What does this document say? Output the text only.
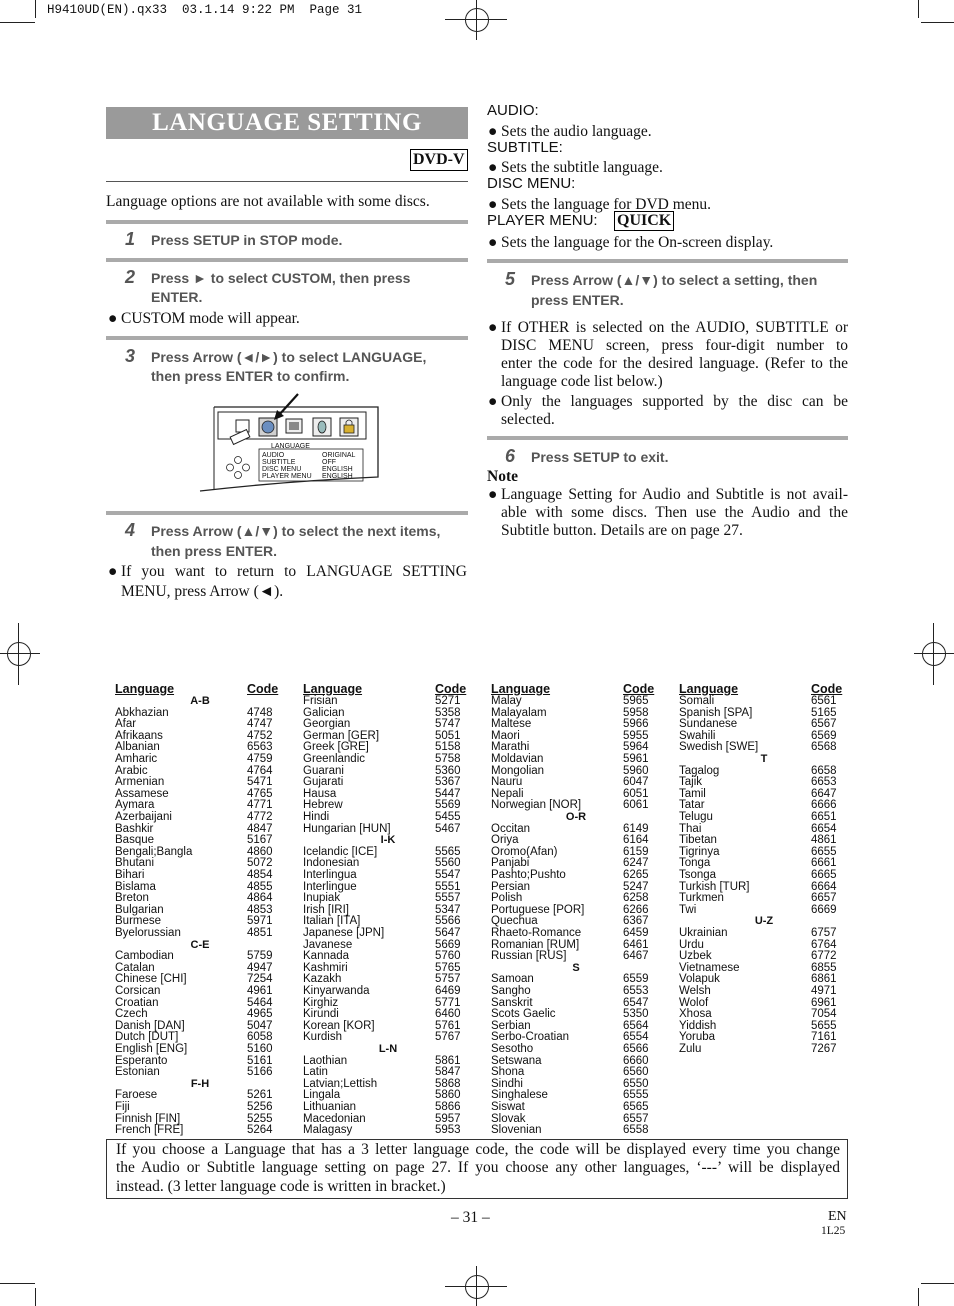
H9410UD(EN).qx33  03.1.14 9:22 PM  Page 31
LANGUAGE SETTING
DVD-V
Language options are not available with some discs.
1 Press SETUP in STOP mode.
2 Press ► to select CUSTOM, then press
ENTER.
● CUSTOM mode will appear.
3 Press Arrow (◄/►) to select LANGUAGE,
then press ENTER to confirm.
LANGUAGE
AUDIO	ORIGINAL
SUBTITLE	OFF
DISC MENU	ENGLISH
PLAYER MENU ENGLISH
4 Press Arrow (▲/▼) to select the next items,
then press ENTER.
● If you want to return to LANGUAGE SETTING
MENU, press Arrow (◄).
AUDIO:
● Sets the audio language.
SUBTITLE:
● Sets the subtitle language.
DISC MENU:
● Sets the language for DVD menu.
PLAYER MENU: QUICK
● Sets the language for the On-screen display.
5 Press Arrow (▲/▼) to select a setting, then
press ENTER.
● If OTHER is selected on the AUDIO, SUBTITLE or
DISC MENU screen, press four-digit number to
enter the code for the desired language. (Refer to the
language code list below.)
● Only the languages supported by the disc can be
selected.
6 Press SETUP to exit.
Note
● Language Setting for Audio and Subtitle is not avail-
able with some discs. Then use the Audio and the
Subtitle button. Details are on page 27.
Language	Code
A-B
Abkhazian	4748
Afar	4747
Afrikaans	4752
Albanian	6563
Amharic	4759
Arabic	4764
Armenian	5471
Assamese	4765
Aymara	4771
Azerbaijani	4772
Bashkir	4847
Basque	5167
Bengali;Bangla	4860
Bhutani	5072
Bihari	4854
Bislama	4855
Breton	4864
Bulgarian	4853
Burmese	5971
Byelorussian	4851
C-E
Cambodian	5759
Catalan	4947
Chinese [CHI]	7254
Corsican	4961
Croatian	5464
Czech	4965
Danish [DAN]	5047
Dutch [DUT]	6058
English [ENG]	5160
Esperanto	5161
Estonian	5166
F-H
Faroese	5261
Fiji	5256
Finnish [FIN]	5255
French [FRE]	5264
Language	Code
Frisian	5271
Galician	5358
Georgian	5747
German [GER]	5051
Greek [GRE]	5158
Greenlandic	5758
Guarani	5360
Gujarati	5367
Hausa	5447
Hebrew	5569
Hindi	5455
Hungarian [HUN]	5467
I-K
Icelandic [ICE]	5565
Indonesian	5560
Interlingua	5547
Interlingue	5551
Inupiak	5557
Irish [IRI]	5347
Italian [ITA]	5566
Japanese [JPN]	5647
Javanese	5669
Kannada	5760
Kashmiri	5765
Kazakh	5757
Kinyarwanda	6469
Kirghiz	5771
Kirundi	6460
Korean [KOR]	5761
Kurdish	5767
L-N
Laothian	5861
Latin	5847
Latvian;Lettish	5868
Lingala	5860
Lithuanian	5866
Macedonian	5957
Malagasy	5953
Language	Code
Malay	5965
Malayalam	5958
Maltese	5966
Maori	5955
Marathi	5964
Moldavian	5961
Mongolian	5960
Nauru	6047
Nepali	6051
Norwegian [NOR]	6061
O-R
Occitan	6149
Oriya	6164
Oromo(Afan)	6159
Panjabi	6247
Pashto;Pushto	6265
Persian	5247
Polish	6258
Portuguese [POR]	6266
Quechua	6367
Rhaeto-Romance	6459
Romanian [RUM]	6461
Russian [RUS]	6467
S
Samoan	6559
Sangho	6553
Sanskrit	6547
Scots Gaelic	5350
Serbian	6564
Serbo-Croatian	6554
Sesotho	6566
Setswana	6660
Shona	6560
Sindhi	6550
Singhalese	6555
Siswat	6565
Slovak	6557
Slovenian	6558
Language	Code
Somali	6561
Spanish [SPA]	5165
Sundanese	6567
Swahili	6569
Swedish [SWE]	6568
T
Tagalog	6658
Tajik	6653
Tamil	6647
Tatar	6666
Telugu	6651
Thai	6654
Tibetan	4861
Tigrinya	6655
Tonga	6661
Tsonga	6665
Turkish [TUR]	6664
Turkmen	6657
Twi	6669
U-Z
Ukrainian	6757
Urdu	6764
Uzbek	6772
Vietnamese	6855
Volapuk	6861
Welsh	4971
Wolof	6961
Xhosa	7054
Yiddish	5655
Yoruba	7161
Zulu	7267
If you choose a Language that has a 3 letter language code, the code will be displayed every time you change
the Audio or Subtitle language setting on page 27. If you choose any other languages, ‘---’ will be displayed
instead. (3 letter language code is written in bracket.)
– 31 –	EN
1L25
